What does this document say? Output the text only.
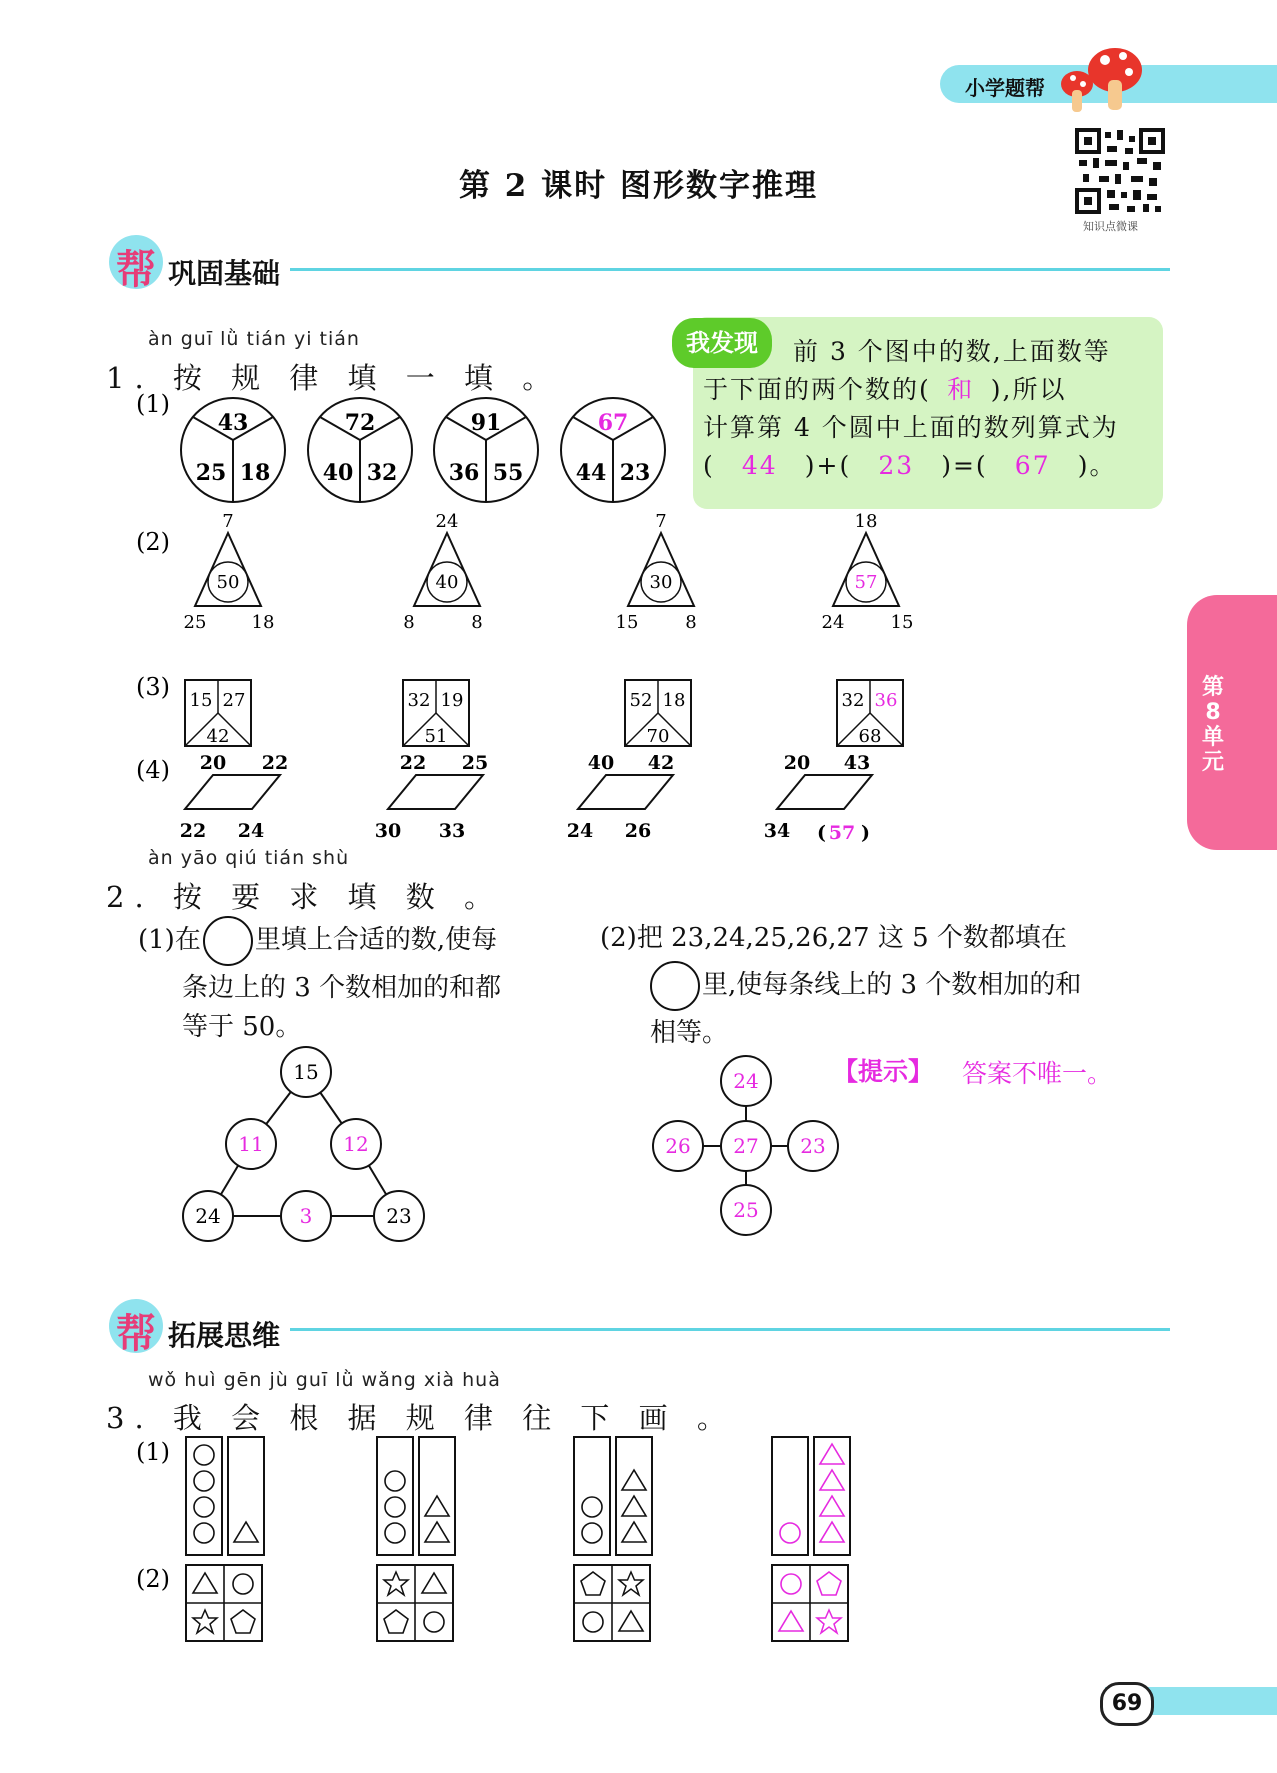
小学题帮
知识点微课
第 2 课时 图形数字推理
帮 巩固基础
àn guī lǜ tián yi tián
1. 按 规 律 填 一 填 。
我发现	前 3 个图中的数,上面数等
于下面的两个数的( 和 ),所以
计算第 4 个圆中上面的数列算式为
( 44 )+( 23 )=( 67 )。
(1)
43
25 18
72
40 32
91
36 55
67
44 23
(2)
7
50
25	18
24
40
8	8
7
30
15	8
18
57
24	15
(3) 15 27
42
32 19
51
52 18
70
32 36
68
(4) 20 22
22 24
22 25
30 33
40 42
24 26
20 43
34 ( 57 )
àn yāo qiú tián shù
2. 按 要 求 填 数 。
(1)在 里填上合适的数,使每
条边上的 3 个数相加的和都
等于 50。
(2)把 23,24,25,26,27 这 5 个数都填在
里,使每条线上的 3 个数相加的和
相等。
【提示】 答案不唯一。
15
11	12
24	3	23
24
26 27 23
25
帮 拓展思维
wǒ huì gēn jù guī lǜ wǎng xià huà
3. 我 会 根 据 规 律 往 下 画 。
(1)
(2)
第8单元
69
